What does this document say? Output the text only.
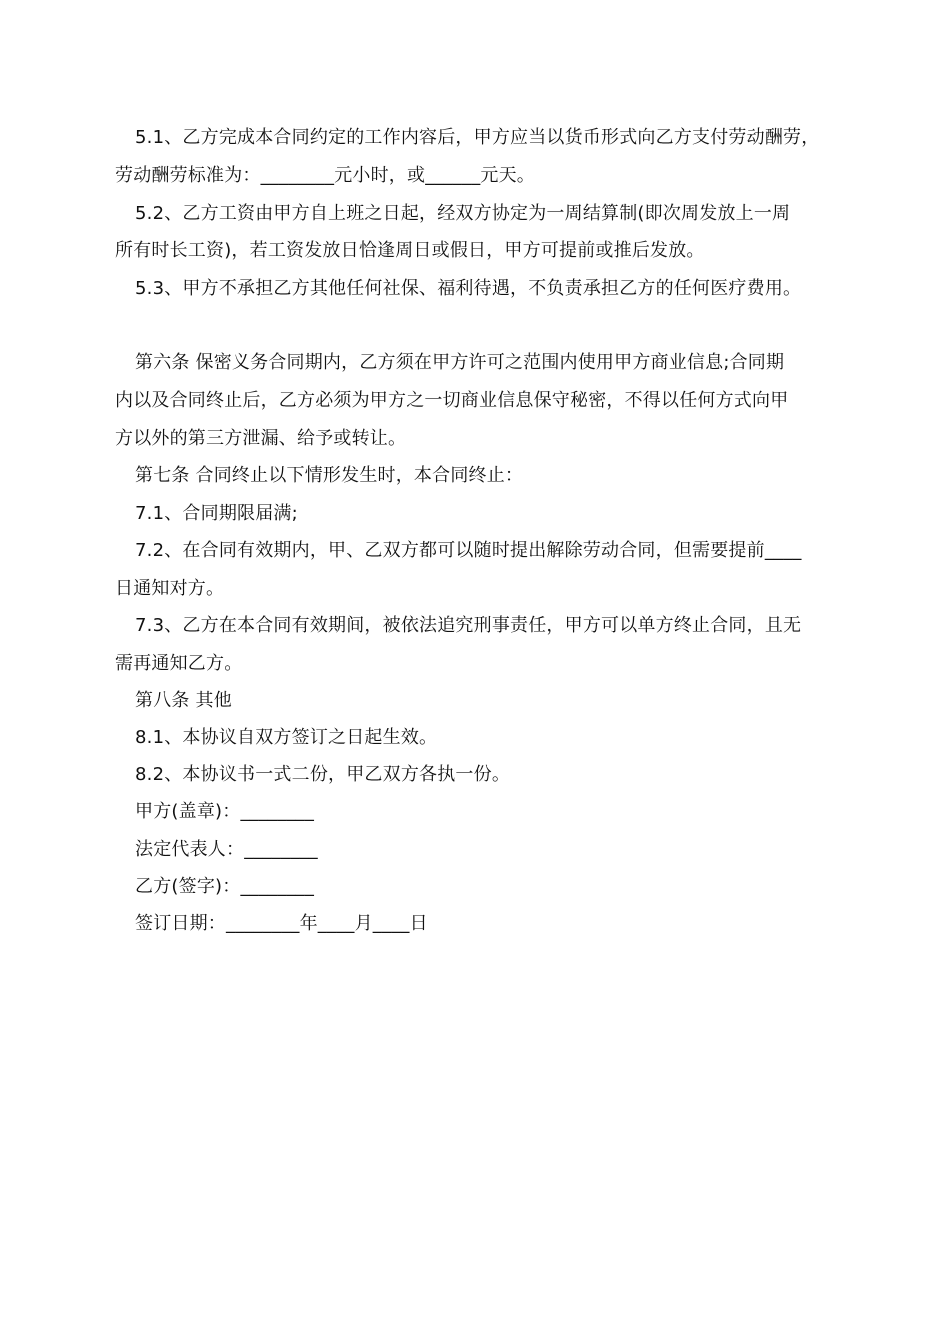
5.1、乙方完成本合同约定的工作内容后，甲方应当以货币形式向乙方支付劳动酬劳，
劳动酬劳标准为：________元小时，或______元天。
5.2、乙方工资由甲方自上班之日起，经双方协定为一周结算制(即次周发放上一周
所有时长工资)，若工资发放日恰逢周日或假日，甲方可提前或推后发放。
5.3、甲方不承担乙方其他任何社保、福利待遇，不负责承担乙方的任何医疗费用。
第六条 保密义务合同期内，乙方须在甲方许可之范围内使用甲方商业信息;合同期
内以及合同终止后，乙方必须为甲方之一切商业信息保守秘密，不得以任何方式向甲
方以外的第三方泄漏、给予或转让。
第七条 合同终止以下情形发生时，本合同终止：
7.1、合同期限届满;
7.2、在合同有效期内，甲、乙双方都可以随时提出解除劳动合同，但需要提前____
日通知对方。
7.3、乙方在本合同有效期间，被依法追究刑事责任，甲方可以单方终止合同，且无
需再通知乙方。
第八条 其他
8.1、本协议自双方签订之日起生效。
8.2、本协议书一式二份，甲乙双方各执一份。
甲方(盖章)：________
法定代表人：________
乙方(签字)：________
签订日期：________年____月____日
